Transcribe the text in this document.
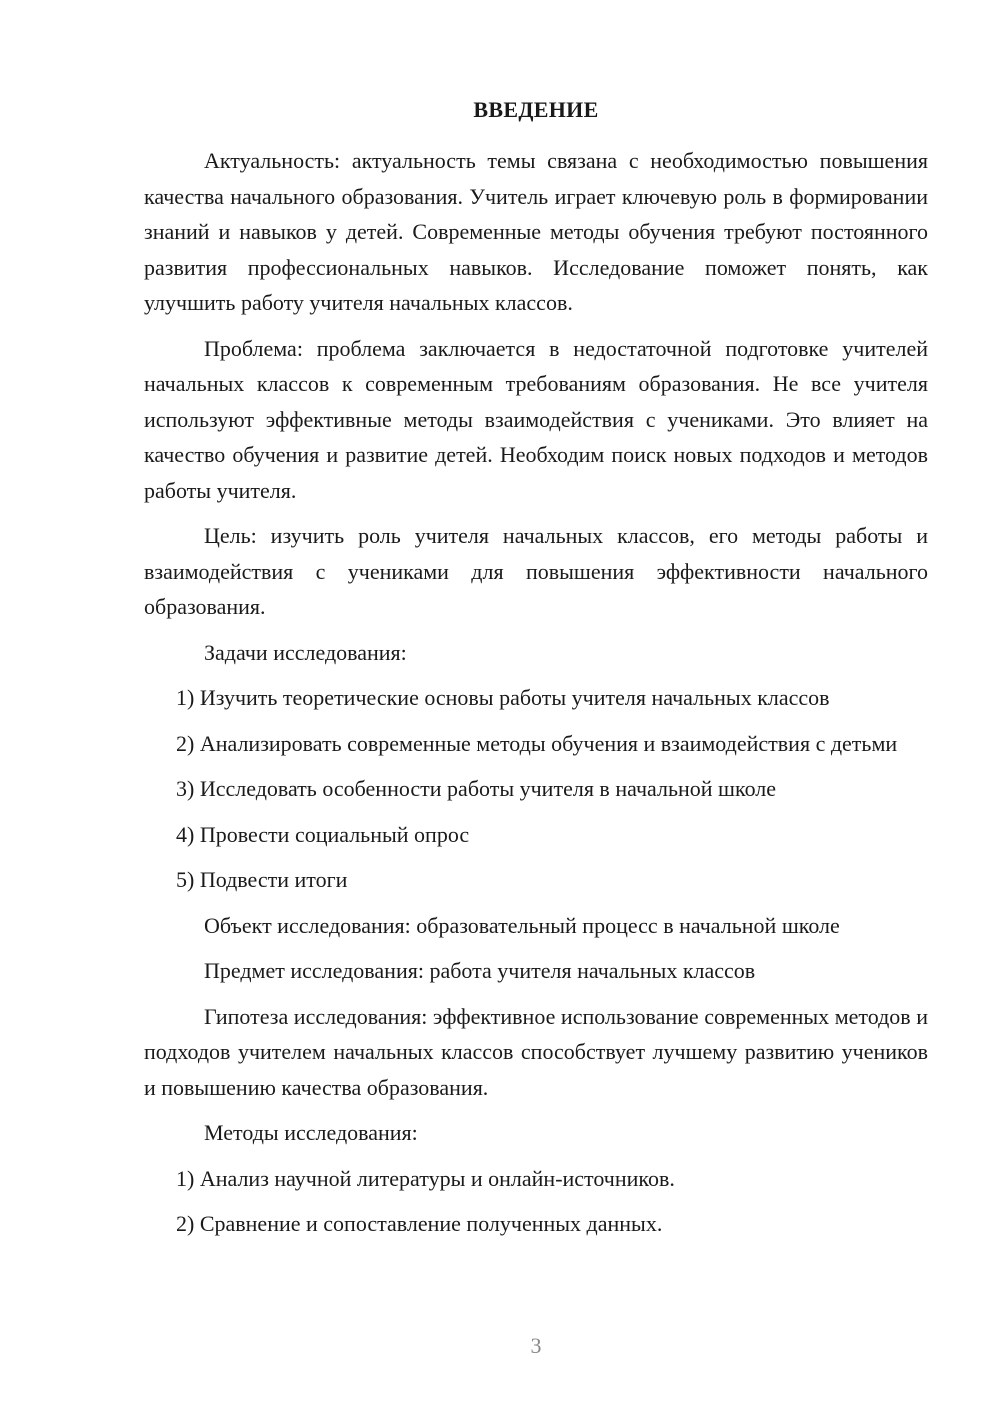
ВВЕДЕНИЕ

Актуальность: актуальность темы связана с необходимостью повышения качества начального образования. Учитель играет ключевую роль в формировании знаний и навыков у детей. Современные методы обучения требуют постоянного развития профессиональных навыков. Исследование поможет понять, как улучшить работу учителя начальных классов.

Проблема: проблема заключается в недостаточной подготовке учителей начальных классов к современным требованиям образования. Не все учителя используют эффективные методы взаимодействия с учениками. Это влияет на качество обучения и развитие детей. Необходим поиск новых подходов и методов работы учителя.

Цель: изучить роль учителя начальных классов, его методы работы и взаимодействия с учениками для повышения эффективности начального образования.

Задачи исследования:

1) Изучить теоретические основы работы учителя начальных классов

2) Анализировать современные методы обучения и взаимодействия с детьми

3) Исследовать особенности работы учителя в начальной школе

4) Провести социальный опрос

5) Подвести итоги

Объект исследования: образовательный процесс в начальной школе

Предмет исследования: работа учителя начальных классов

Гипотеза исследования: эффективное использование современных методов и подходов учителем начальных классов способствует лучшему развитию учеников и повышению качества образования.

Методы исследования:

1) Анализ научной литературы и онлайн-источников.

2) Сравнение и сопоставление полученных данных.

3
